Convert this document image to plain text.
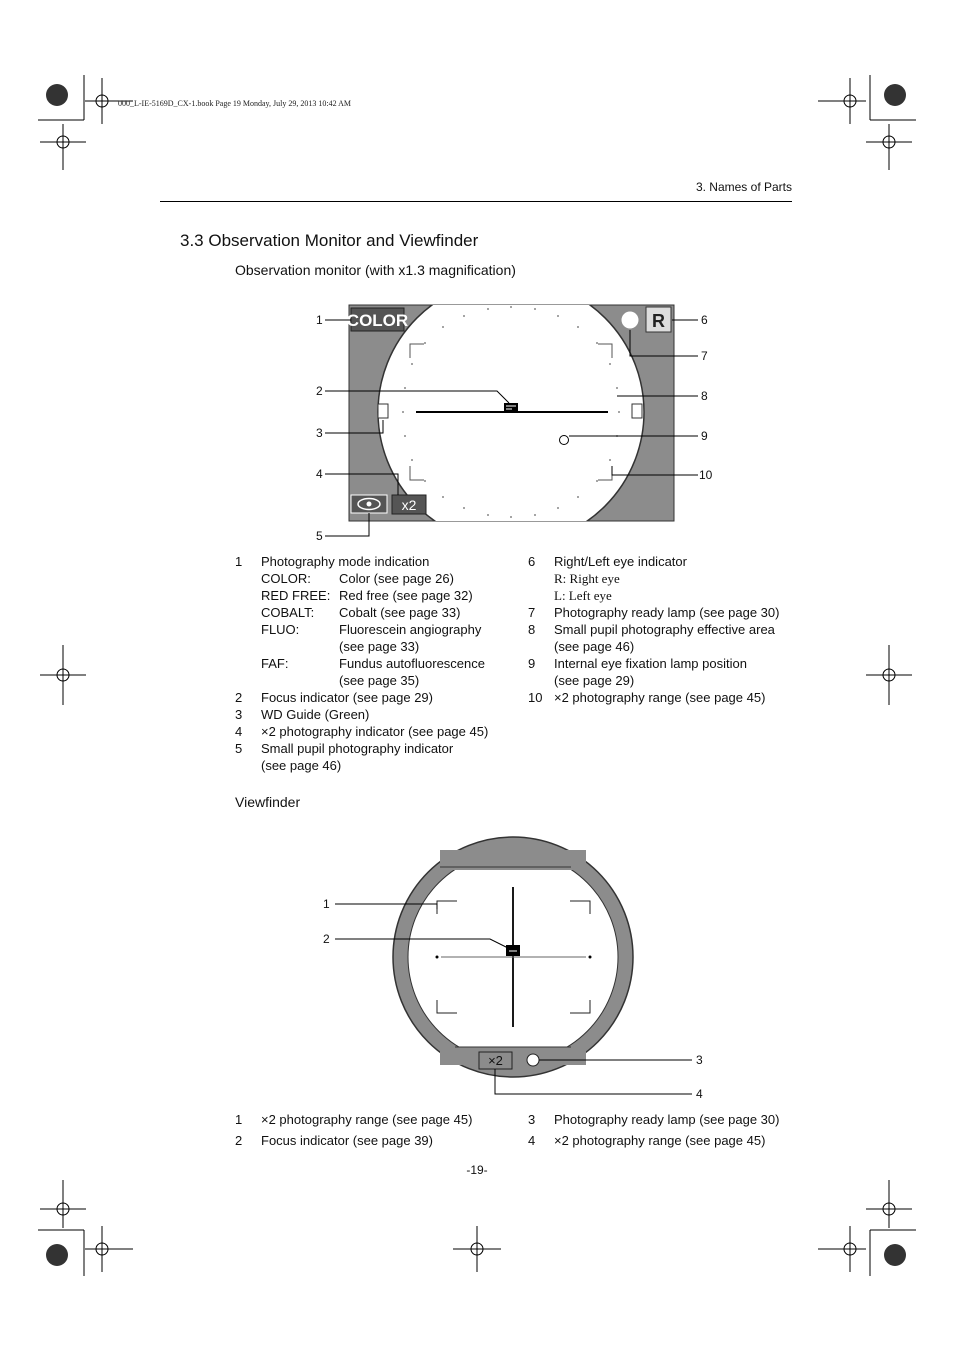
000_L-IE-5169D_CX-1.book Page 19 Monday, July 29, 2013 10:42 AM
3. Names of Parts
3.3 Observation Monitor and Viewfinder
Observation monitor (with x1.3 magnification)
COLOR	R
x2
1
2
3
4
5
6
7
8
9
10
1 Photography mode indication
COLOR: Color (see page 26)
RED FREE: Red free (see page 32)
COBALT: Cobalt (see page 33)
FLUO:	Fluorescein angiography
(see page 33)
FAF:	Fundus autofluorescence
(see page 35)
2 Focus indicator (see page 29)
3 WD Guide (Green)
4 ×2 photography indicator (see page 45)
5 Small pupil photography indicator
(see page 46)
6 Right/Left eye indicator
R: Right eye
L: Left eye
7 Photography ready lamp (see page 30)
8 Small pupil photography effective area
(see page 46)
9 Internal eye fixation lamp position
(see page 29)
10 ×2 photography range (see page 45)
Viewfinder
×2
1
2
3
4
1 ×2 photography range (see page 45)
2 Focus indicator (see page 39)
3 Photography ready lamp (see page 30)
4 ×2 photography range (see page 45)
-19-
